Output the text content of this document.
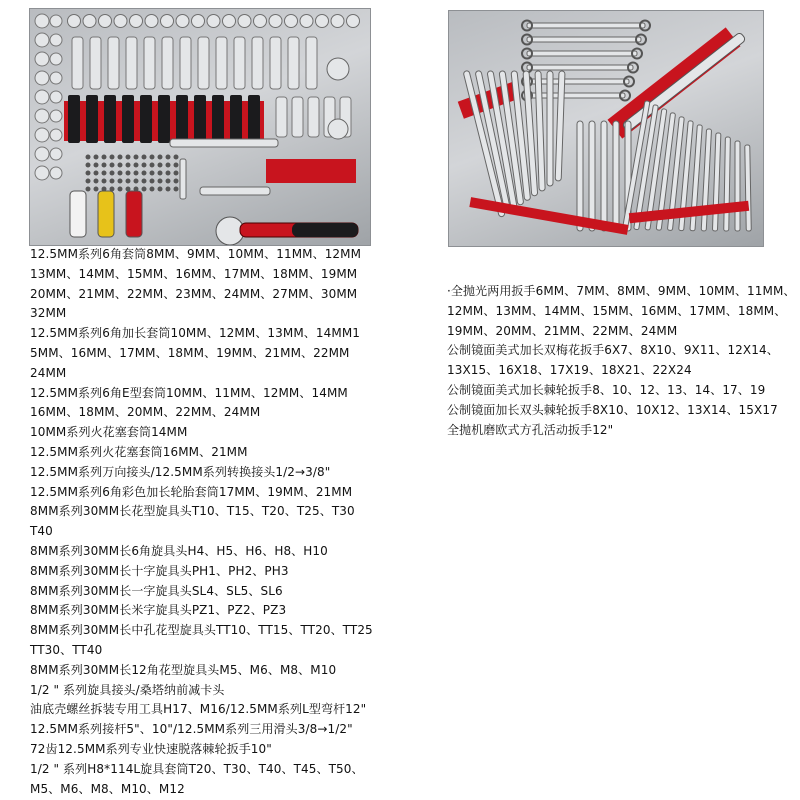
12.5MM系列6角套筒8MM、9MM、10MM、11MM、12MM
13MM、14MM、15MM、16MM、17MM、18MM、19MM
20MM、21MM、22MM、23MM、24MM、27MM、30MM
32MM
12.5MM系列6角加长套筒10MM、12MM、13MM、14MM1
5MM、16MM、17MM、18MM、19MM、21MM、22MM
24MM
12.5MM系列6角E型套筒10MM、11MM、12MM、14MM
16MM、18MM、20MM、22MM、24MM
10MM系列火花塞套筒14MM
12.5MM系列火花塞套筒16MM、21MM
12.5MM系列万向接头/12.5MM系列转换接头1/2→3/8"
12.5MM系列6角彩色加长轮胎套筒17MM、19MM、21MM
8MM系列30MM长花型旋具头T10、T15、T20、T25、T30
T40
8MM系列30MM长6角旋具头H4、H5、H6、H8、H10
8MM系列30MM长十字旋具头PH1、PH2、PH3
8MM系列30MM长一字旋具头SL4、SL5、SL6
8MM系列30MM长米字旋具头PZ1、PZ2、PZ3
8MM系列30MM长中孔花型旋具头TT10、TT15、TT20、TT25
TT30、TT40
8MM系列30MM长12角花型旋具头M5、M6、M8、M10
1/2 " 系列旋具接头/桑塔纳前减卡头
油底壳螺丝拆装专用工具H17、M16/12.5MM系列L型弯杆12"
12.5MM系列接杆5"、10"/12.5MM系列三用滑头3/8→1/2"
72齿12.5MM系列专业快速脱落棘轮扳手10"
1/2 " 系列H8*114L旋具套筒T20、T30、T40、T45、T50、
M5、M6、M8、M10、M12
·全抛光两用扳手6MM、7MM、8MM、9MM、10MM、11MM、
12MM、13MM、14MM、15MM、16MM、17MM、18MM、
19MM、20MM、21MM、22MM、24MM
公制镜面美式加长双梅花扳手6X7、8X10、9X11、12X14、
13X15、16X18、17X19、18X21、22X24
公制镜面美式加长棘轮扳手8、10、12、13、14、17、19
公制镜面加长双头棘轮扳手8X10、10X12、13X14、15X17
全抛机磨欧式方孔活动扳手12"
